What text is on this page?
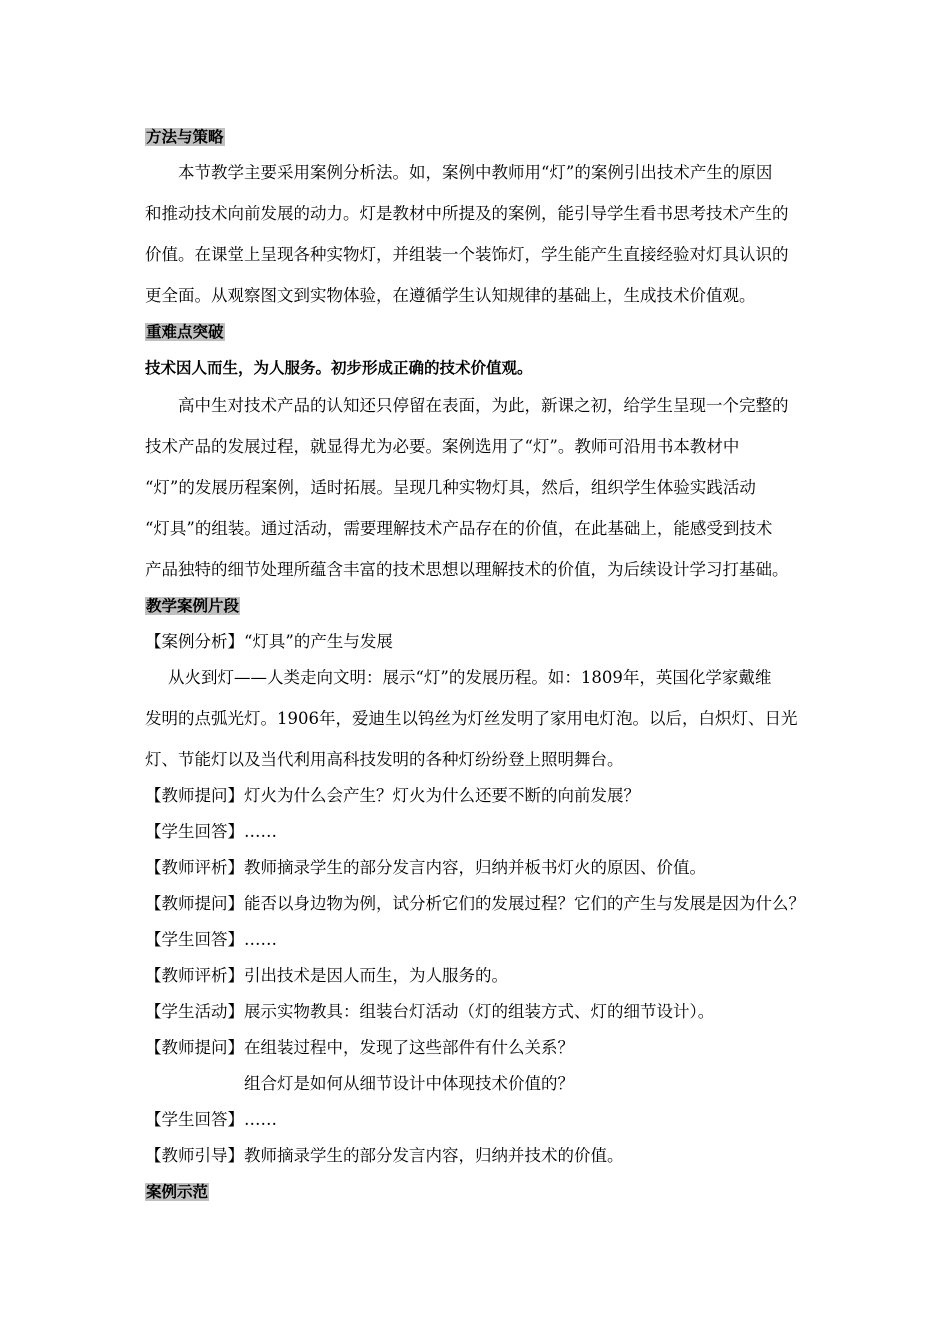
方法与策略
本节教学主要采用案例分析法。如，案例中教师用“灯”的案例引出技术产生的原因
和推动技术向前发展的动力。灯是教材中所提及的案例，能引导学生看书思考技术产生的
价值。在课堂上呈现各种实物灯，并组装一个装饰灯，学生能产生直接经验对灯具认识的
更全面。从观察图文到实物体验，在遵循学生认知规律的基础上，生成技术价值观。
重难点突破
技术因人而生，为人服务。初步形成正确的技术价值观。
高中生对技术产品的认知还只停留在表面，为此，新课之初，给学生呈现一个完整的
技术产品的发展过程，就显得尤为必要。案例选用了“灯”。教师可沿用书本教材中
“灯”的发展历程案例，适时拓展。呈现几种实物灯具，然后，组织学生体验实践活动
“灯具”的组装。通过活动，需要理解技术产品存在的价值，在此基础上，能感受到技术
产品独特的细节处理所蕴含丰富的技术思想以理解技术的价值，为后续设计学习打基础。
教学案例片段
【案例分析】“灯具”的产生与发展
从火到灯——人类走向文明：展示“灯”的发展历程。如：1809年，英国化学家戴维
发明的点弧光灯。1906年，爱迪生以钨丝为灯丝发明了家用电灯泡。以后，白炽灯、日光
灯、节能灯以及当代利用高科技发明的各种灯纷纷登上照明舞台。
【教师提问】灯火为什么会产生？灯火为什么还要不断的向前发展？
【学生回答】……
【教师评析】教师摘录学生的部分发言内容，归纳并板书灯火的原因、价值。
【教师提问】能否以身边物为例，试分析它们的发展过程？它们的产生与发展是因为什么？
【学生回答】……
【教师评析】引出技术是因人而生，为人服务的。
【学生活动】展示实物教具：组装台灯活动（灯的组装方式、灯的细节设计）。
【教师提问】在组装过程中，发现了这些部件有什么关系？
组合灯是如何从细节设计中体现技术价值的？
【学生回答】……
【教师引导】教师摘录学生的部分发言内容，归纳并技术的价值。
案例示范
